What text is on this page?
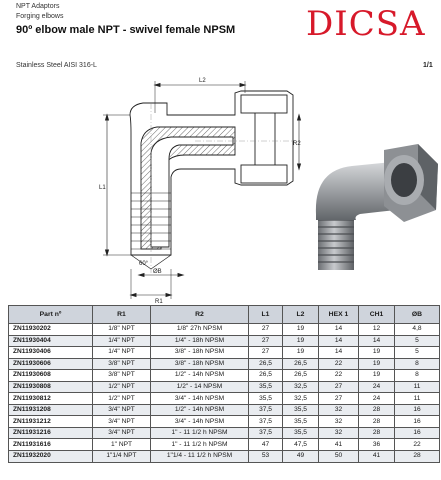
NPT Adaptors
Forging elbows
90º elbow male NPT - swivel female NPSM DICSA
Stainless Steel AISI 316-L	1/1
L2
L1
R2
ØB
R1
60°
Part nº	R1	R2	L1	L2	HEX 1	CH1	ØB
ZN11930202	1/8" NPT	1/8" 27h NPSM	27	19	14	12	4,8
ZN11930404	1/4" NPT	1/4" - 18h NPSM	27	19	14	14	5
ZN11930406	1/4" NPT	3/8" - 18h NPSM	27	19	14	19	5
ZN11930606	3/8" NPT	3/8" - 18h NPSM	26,5	26,5	22	19	8
ZN11930608	3/8" NPT	1/2" - 14h NPSM	26,5	26,5	22	19	8
ZN11930808	1/2" NPT	1/2" - 14 NPSM	35,5	32,5	27	24	11
ZN11930812	1/2" NPT	3/4" - 14h NPSM	35,5	32,5	27	24	11
ZN11931208	3/4" NPT	1/2" - 14h NPSM	37,5	35,5	32	28	16
ZN11931212	3/4" NPT	3/4" - 14h NPSM	37,5	35,5	32	28	16
ZN11931216	3/4" NPT	1" - 11 1/2 h NPSM	37,5	35,5	32	28	16
ZN11931616	1" NPT	1" - 11 1/2 h NPSM	47	47,5	41	36	22
ZN11932020	1"1/4 NPT	1"1/4 - 11 1/2 h NPSM	53	49	50	41	28
